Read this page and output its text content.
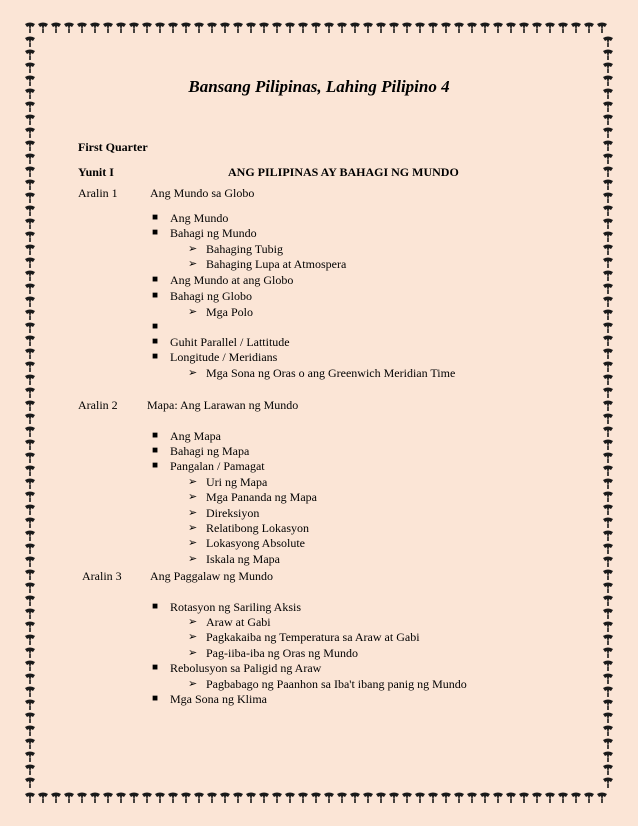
Bansang Pilipinas, Lahing Pilipino 4
First Quarter
Yunit I	ANG PILIPINAS AY BAHAGI NG MUNDO
Aralin 1	Ang Mundo sa Globo
■ Ang Mundo
■ Bahagi ng Mundo
➢ Bahaging Tubig
➢ Bahaging Lupa at Atmospera
■ Ang Mundo at ang Globo
■ Bahagi ng Globo
➢ Mga Polo
■
■ Guhit Parallel / Lattitude
■ Longitude / Meridians
➢ Mga Sona ng Oras o ang Greenwich Meridian Time
Aralin 2 Mapa: Ang Larawan ng Mundo
■ Ang Mapa
■ Bahagi ng Mapa
■ Pangalan / Pamagat
➢ Uri ng Mapa
➢ Mga Pananda ng Mapa
➢ Direksiyon
➢ Relatibong Lokasyon
➢ Lokasyong Absolute
➢ Iskala ng Mapa
Aralin 3 Ang Paggalaw ng Mundo
■ Rotasyon ng Sariling Aksis
➢ Araw at Gabi
➢ Pagkakaiba ng Temperatura sa Araw at Gabi
➢ Pag-iiba-iba ng Oras ng Mundo
■ Rebolusyon sa Paligid ng Araw
➢ Pagbabago ng Paanhon sa Iba't ibang panig ng Mundo
■ Mga Sona ng Klima
